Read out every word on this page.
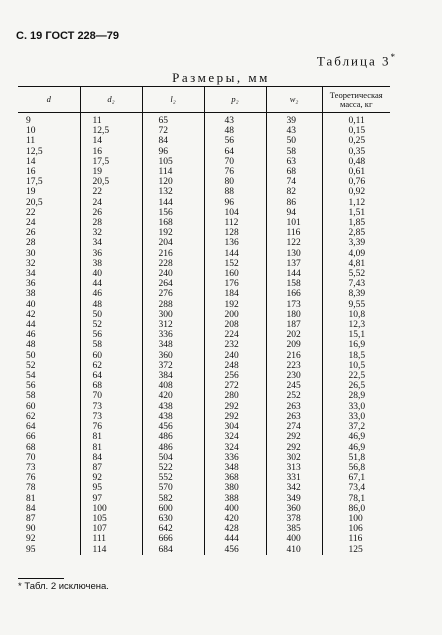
С. 19 ГОСТ 228—79
Таблица 3*
Размеры, мм
d	d₂	l₂	p₂	w₂	Теоретическая масса, кг
9	11	65	43	39	0,11
10	12,5	72	48	43	0,15
11	14	84	56	50	0,25
12,5	16	96	64	58	0,35
14	17,5	105	70	63	0,48
16	19	114	76	68	0,61
17,5	20,5	120	80	74	0,76
19	22	132	88	82	0,92
20,5	24	144	96	86	1,12
22	26	156	104	94	1,51
24	28	168	112	101	1,85
26	32	192	128	116	2,85
28	34	204	136	122	3,39
30	36	216	144	130	4,09
32	38	228	152	137	4,81
34	40	240	160	144	5,52
36	44	264	176	158	7,43
38	46	276	184	166	8,39
40	48	288	192	173	9,55
42	50	300	200	180	10,8
44	52	312	208	187	12,3
46	56	336	224	202	15,1
48	58	348	232	209	16,9
50	60	360	240	216	18,5
52	62	372	248	223	10,5
54	64	384	256	230	22,5
56	68	408	272	245	26,5
58	70	420	280	252	28,9
60	73	438	292	263	33,0
62	73	438	292	263	33,0
64	76	456	304	274	37,2
66	81	486	324	292	46,9
68	81	486	324	292	46,9
70	84	504	336	302	51,8
73	87	522	348	313	56,8
76	92	552	368	331	67,1
78	95	570	380	342	73,4
81	97	582	388	349	78,1
84	100	600	400	360	86,0
87	105	630	420	378	100
90	107	642	428	385	106
92	111	666	444	400	116
95	114	684	456	410	125
* Табл. 2 исключена.
